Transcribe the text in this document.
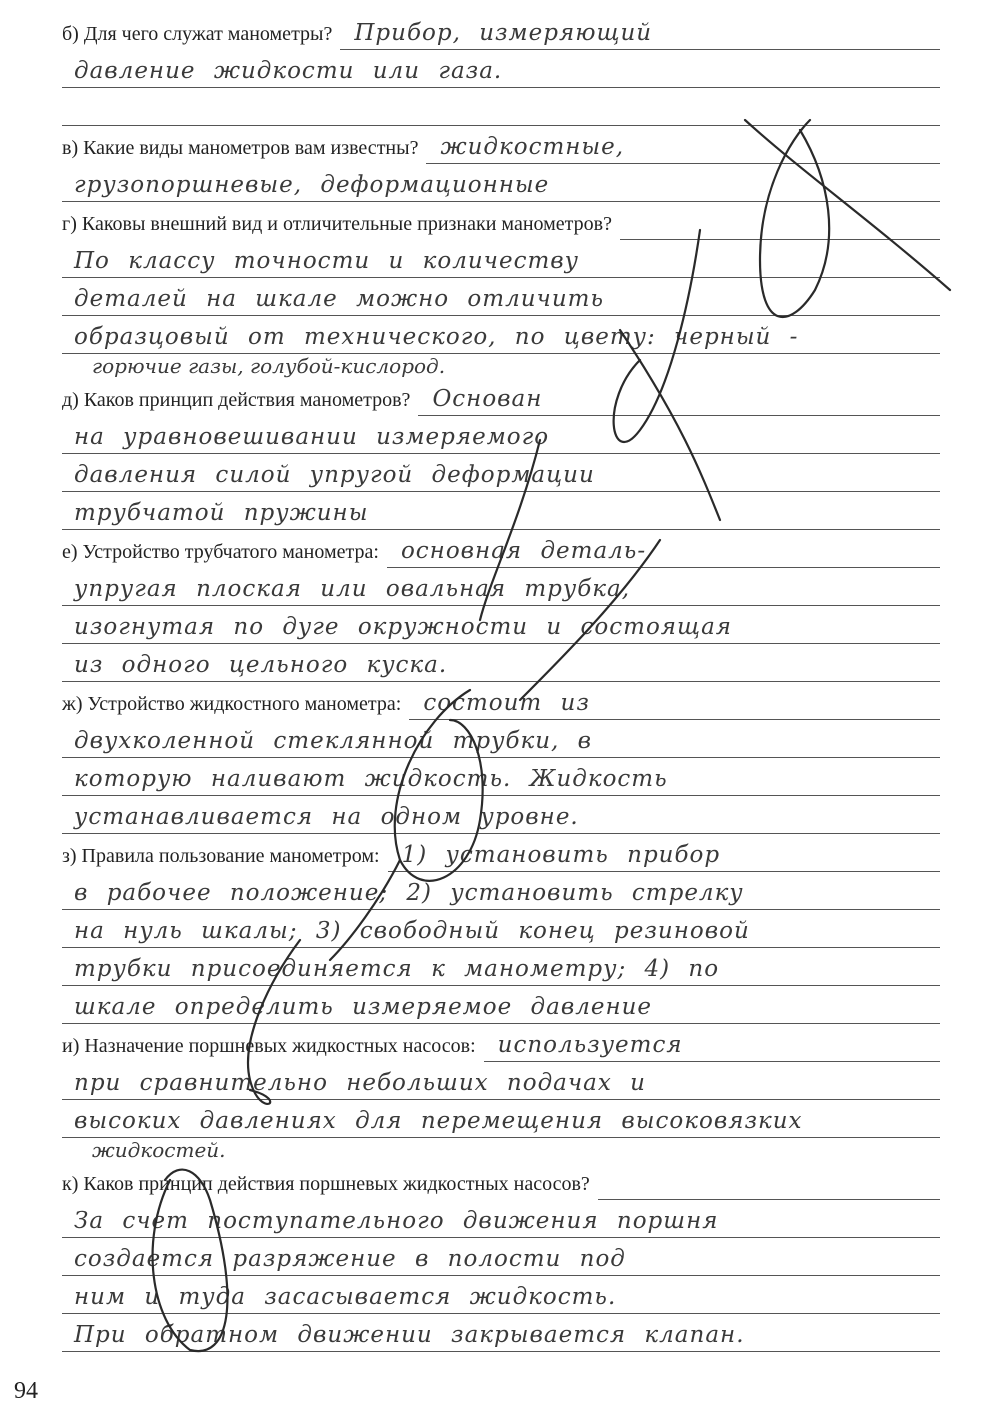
б) Для чего служат манометры? Прибор, измеряющий
давление жидкости или газа.
в) Какие виды манометров вам известны? жидкостные,
грузопоршневые, деформационные
г) Каковы внешний вид и отличительные признаки манометров?
По классу точности и количеству
деталей на шкале можно отличить
образцовый от технического, по цвету: черный -
горючие газы, голубой-кислород.
д) Каков принцип действия манометров? Основан
на уравновешивании измеряемого
давления силой упругой деформации
трубчатой пружины
е) Устройство трубчатого манометра: основная деталь-
упругая плоская или овальная трубка,
изогнутая по дуге окружности и состоящая
из одного цельного куска.
ж) Устройство жидкостного манометра: состоит из
двухколенной стеклянной трубки, в
которую наливают жидкость. Жидкость
устанавливается на одном уровне.
з) Правила пользование манометром: 1) установить прибор
в рабочее положение; 2) установить стрелку
на нуль шкалы; 3) свободный конец резиновой
трубки присоединяется к манометру; 4) по
шкале определить измеряемое давление
и) Назначение поршневых жидкостных насосов: используется
при сравнительно небольших подачах и
высоких давлениях для перемещения высоковязких
жидкостей.
к) Каков принцип действия поршневых жидкостных насосов?
За счет поступательного движения поршня
создается разряжение в полости под
ним и туда засасывается жидкость.
При обратном движении закрывается клапан.
94
